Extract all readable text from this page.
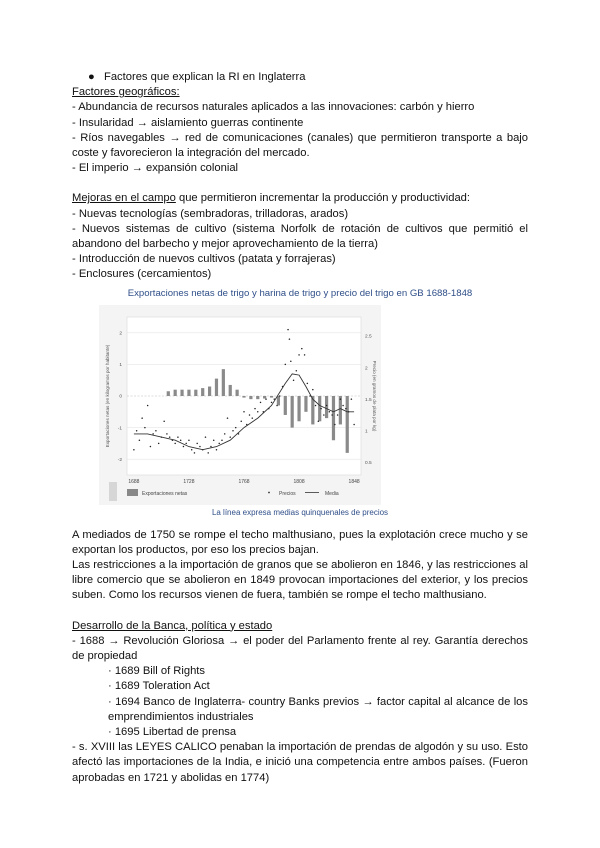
● Factores que explican la RI en Inglaterra
Factores geográficos:
- Abundancia de recursos naturales aplicados a las innovaciones: carbón y hierro
- Insularidad → aislamiento guerras continente
- Ríos navegables → red de comunicaciones (canales) que permitieron transporte a bajo coste y favorecieron la integración del mercado.
- El imperio → expansión colonial
Mejoras en el campo que permitieron incrementar la producción y productividad:
- Nuevas tecnologías (sembradoras, trilladoras, arados)
- Nuevos sistemas de cultivo (sistema Norfolk de rotación de cultivos que permitió el abandono del barbecho y mejor aprovechamiento de la tierra)
- Introducción de nuevos cultivos (patata y forrajeras)
- Enclosures (cercamientos)
Exportaciones netas de trigo y harina de trigo y precio del trigo en GB 1688-1848
1688	1728	1768	1808	1848
2
1
0
-1
-2
2.5
2
1.5
1
0.5
Exportaciones netas (en kilogramos por habitante)	Precio (en gramos de plata por kg)
Exportaciones netas	Precios	Media
La línea expresa medias quinquenales de precios
A mediados de 1750 se rompe el techo malthusiano, pues la explotación crece mucho y se exportan los productos, por eso los precios bajan.
Las restricciones a la importación de granos que se abolieron en 1846, y las restricciones al libre comercio que se abolieron en 1849 provocan importaciones del exterior, y los precios suben. Como los recursos vienen de fuera, también se rompe el techo malthusiano.
Desarrollo de la Banca, política y estado
- 1688 → Revolución Gloriosa → el poder del Parlamento frente al rey. Garantía derechos de propiedad
· 1689 Bill of Rights
· 1689 Toleration Act
· 1694 Banco de Inglaterra- country Banks previos → factor capital al alcance de los emprendimientos industriales
· 1695 Libertad de prensa
- s. XVIII las LEYES CALICO penaban la importación de prendas de algodón y su uso. Esto afectó las importaciones de la India, e inició una competencia entre ambos países. (Fueron aprobadas en 1721 y abolidas en 1774)
